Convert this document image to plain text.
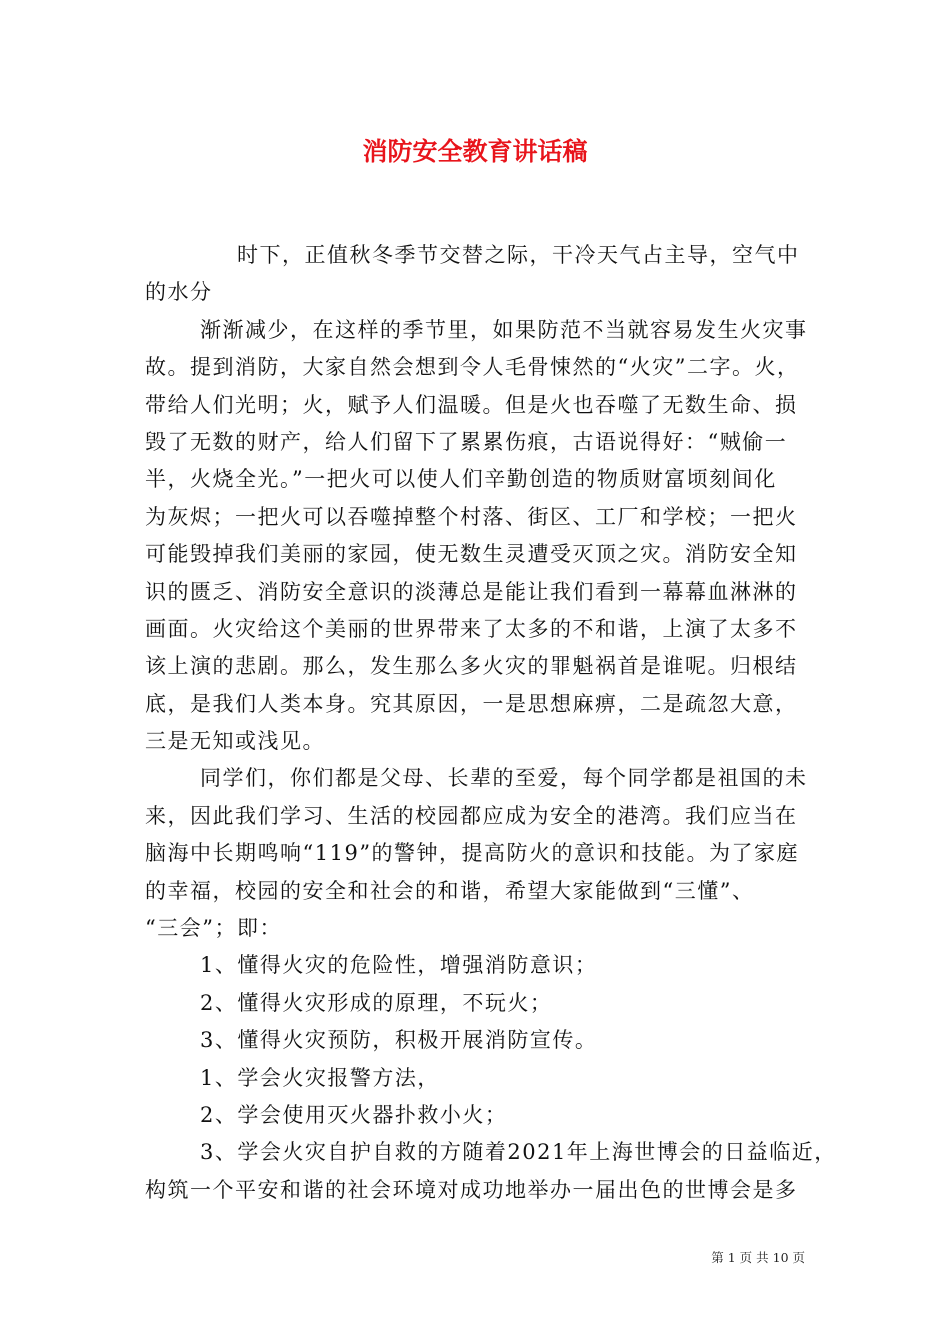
消防安全教育讲话稿
时下，正值秋冬季节交替之际，干冷天气占主导，空气中
的水分
渐渐减少，在这样的季节里，如果防范不当就容易发生火灾事
故。提到消防，大家自然会想到令人毛骨悚然的“火灾”二字。火，
带给人们光明；火，赋予人们温暖。但是火也吞噬了无数生命、损
毁了无数的财产，给人们留下了累累伤痕，古语说得好：“贼偷一
半，火烧全光。”一把火可以使人们辛勤创造的物质财富顷刻间化
为灰烬；一把火可以吞噬掉整个村落、街区、工厂和学校；一把火
可能毁掉我们美丽的家园，使无数生灵遭受灭顶之灾。消防安全知
识的匮乏、消防安全意识的淡薄总是能让我们看到一幕幕血淋淋的
画面。火灾给这个美丽的世界带来了太多的不和谐，上演了太多不
该上演的悲剧。那么，发生那么多火灾的罪魁祸首是谁呢。归根结
底，是我们人类本身。究其原因，一是思想麻痹，二是疏忽大意，
三是无知或浅见。
同学们，你们都是父母、长辈的至爱，每个同学都是祖国的未
来，因此我们学习、生活的校园都应成为安全的港湾。我们应当在
脑海中长期鸣响“119”的警钟，提高防火的意识和技能。为了家庭
的幸福，校园的安全和社会的和谐，希望大家能做到“三懂”、
“三会”；即：
1、懂得火灾的危险性，增强消防意识；
2、懂得火灾形成的原理，不玩火；
3、懂得火灾预防，积极开展消防宣传。
1、学会火灾报警方法，
2、学会使用灭火器扑救小火；
3、学会火灾自护自救的方随着2021年上海世博会的日益临近，
构筑一个平安和谐的社会环境对成功地举办一届出色的世博会是多
第 1 页 共 10 页
